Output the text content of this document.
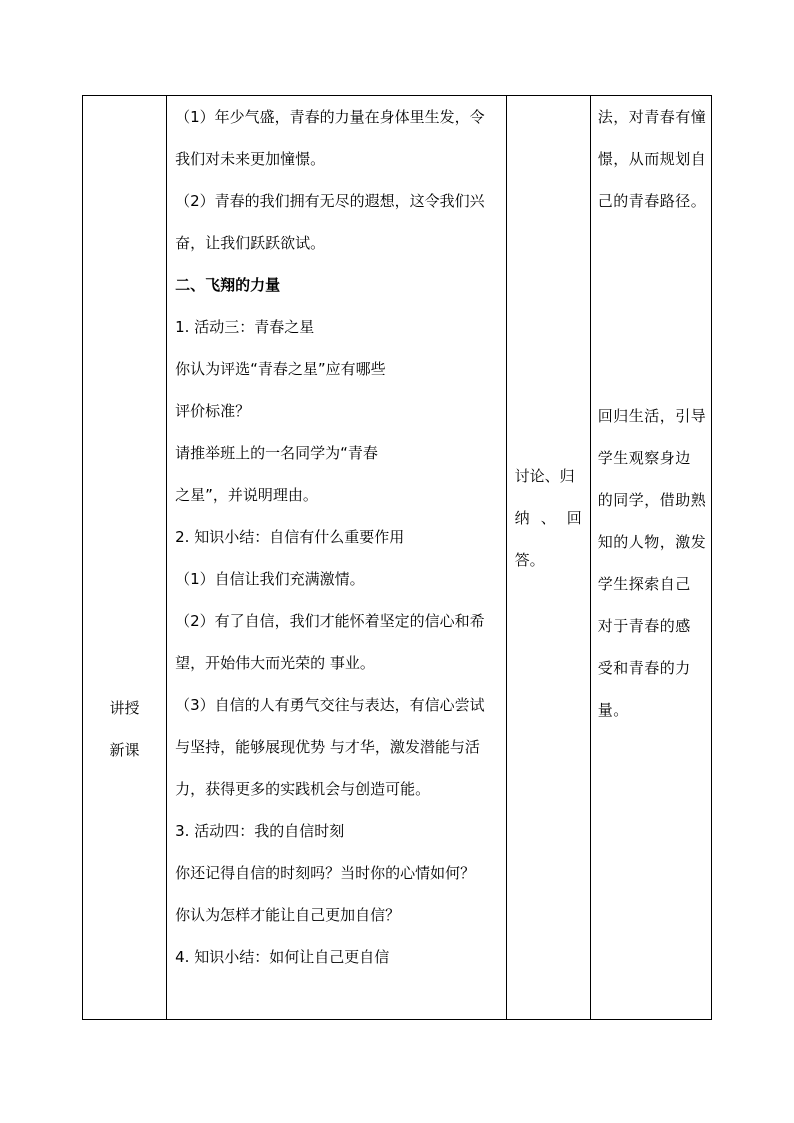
讲授
新课

（1）年少气盛，青春的力量在身体里生发，令
我们对未来更加憧憬。
（2）青春的我们拥有无尽的遐想，这令我们兴
奋，让我们跃跃欲试。
二、飞翔的力量
1. 活动三：青春之星
你认为评选“青春之星”应有哪些
评价标准？
请推举班上的一名同学为“青春
之星”，并说明理由。
2. 知识小结：自信有什么重要作用
（1）自信让我们充满激情。
（2）有了自信，我们才能怀着坚定的信心和希
望，开始伟大而光荣的 事业。
（3）自信的人有勇气交往与表达，有信心尝试
与坚持，能够展现优势 与才华，激发潜能与活
力，获得更多的实践机会与创造可能。
3. 活动四：我的自信时刻
你还记得自信的时刻吗？当时你的心情如何？
你认为怎样才能让自己更加自信？
4. 知识小结：如何让自己更自信

讨论、归
纳、回答。

法，对青春有憧
憬，从而规划自
己的青春路径。
回归生活，引导
学生观察身边
的同学，借助熟
知的人物，激发
学生探索自己
对于青春的感
受和青春的力
量。
